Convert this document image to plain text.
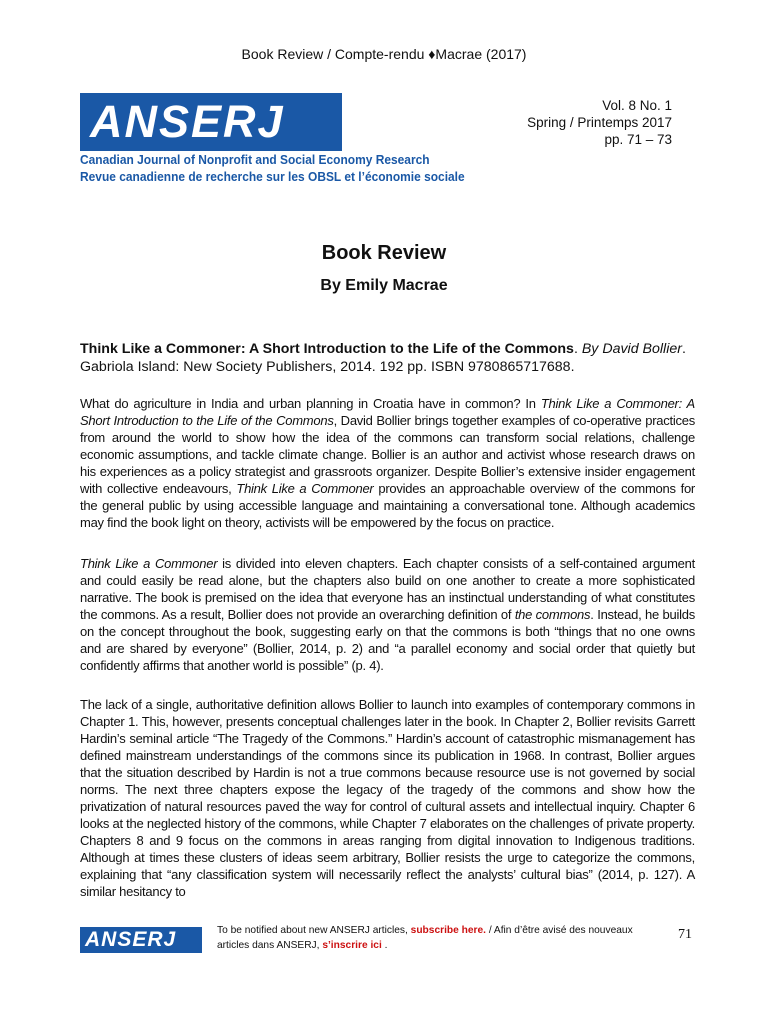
Book Review / Compte-rendu ♦Macrae (2017)
ANSERJ
Canadian Journal of Nonprofit and Social Economy Research
Revue canadienne de recherche sur les OBSL et l’économie sociale
Vol. 8 No. 1
Spring / Printemps 2017
pp. 71 – 73
Book Review
By Emily Macrae
Think Like a Commoner: A Short Introduction to the Life of the Commons. By David Bollier. Gabriola Island: New Society Publishers, 2014. 192 pp. ISBN 9780865717688.

What do agriculture in India and urban planning in Croatia have in common? In Think Like a Commoner: A Short Introduction to the Life of the Commons, David Bollier brings together examples of co-operative practices from around the world to show how the idea of the commons can transform social relations, challenge economic assumptions, and tackle climate change. Bollier is an author and activist whose research draws on his experiences as a policy strategist and grassroots organizer. Despite Bollier’s extensive insider engagement with collective endeavours, Think Like a Commoner provides an approachable overview of the commons for the general public by using accessible language and maintaining a conversational tone. Although academics may find the book light on theory, activists will be empowered by the focus on practice.

Think Like a Commoner is divided into eleven chapters. Each chapter consists of a self-contained argument and could easily be read alone, but the chapters also build on one another to create a more sophisticated narrative. The book is premised on the idea that everyone has an instinctual understanding of what constitutes the commons. As a result, Bollier does not provide an overarching definition of the commons. Instead, he builds on the concept throughout the book, suggesting early on that the commons is both “things that no one owns and are shared by everyone” (Bollier, 2014, p. 2) and “a parallel economy and social order that quietly but confidently affirms that another world is possible” (p. 4).

The lack of a single, authoritative definition allows Bollier to launch into examples of contemporary commons in Chapter 1. This, however, presents conceptual challenges later in the book. In Chapter 2, Bollier revisits Garrett Hardin’s seminal article “The Tragedy of the Commons.” Hardin’s account of catastrophic mismanagement has defined mainstream understandings of the commons since its publication in 1968. In contrast, Bollier argues that the situation described by Hardin is not a true commons because resource use is not governed by social norms. The next three chapters expose the legacy of the tragedy of the commons and show how the privatization of natural resources paved the way for control of cultural assets and intellectual inquiry. Chapter 6 looks at the neglected history of the commons, while Chapter 7 elaborates on the challenges of private property. Chapters 8 and 9 focus on the commons in areas ranging from digital innovation to Indigenous traditions. Although at times these clusters of ideas seem arbitrary, Bollier resists the urge to categorize the commons, explaining that “any classification system will necessarily reflect the analysts’ cultural bias” (2014, p. 127). A similar hesitancy to

ANSERJ	To be notified about new ANSERJ articles, subscribe here. / Afin d’être avisé des nouveaux articles dans ANSERJ, s’inscrire ici .
71
